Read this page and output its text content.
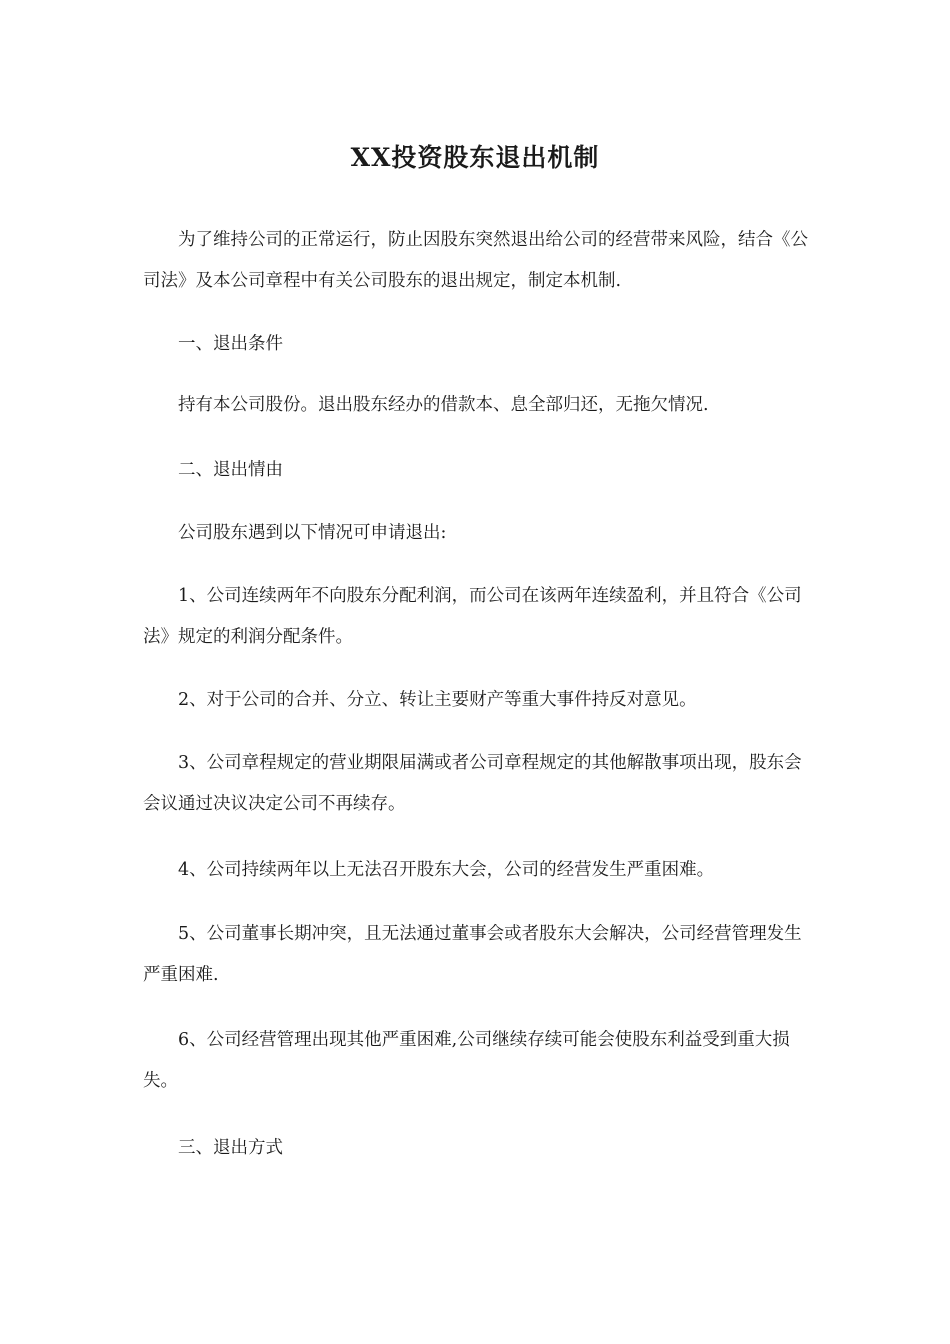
XX投资股东退出机制

为了维持公司的正常运行，防止因股东突然退出给公司的经营带来风险，结合《公司法》及本公司章程中有关公司股东的退出规定，制定本机制.

一、退出条件

持有本公司股份。退出股东经办的借款本、息全部归还，无拖欠情况.

二、退出情由

公司股东遇到以下情况可申请退出:

1、公司连续两年不向股东分配利润，而公司在该两年连续盈利，并且符合《公司法》规定的利润分配条件。

2、对于公司的合并、分立、转让主要财产等重大事件持反对意见。

3、公司章程规定的营业期限届满或者公司章程规定的其他解散事项出现，股东会会议通过决议决定公司不再续存。

4、公司持续两年以上无法召开股东大会，公司的经营发生严重困难。

5、公司董事长期冲突，且无法通过董事会或者股东大会解决，公司经营管理发生严重困难.

6、公司经营管理出现其他严重困难,公司继续存续可能会使股东利益受到重大损失。

三、退出方式
